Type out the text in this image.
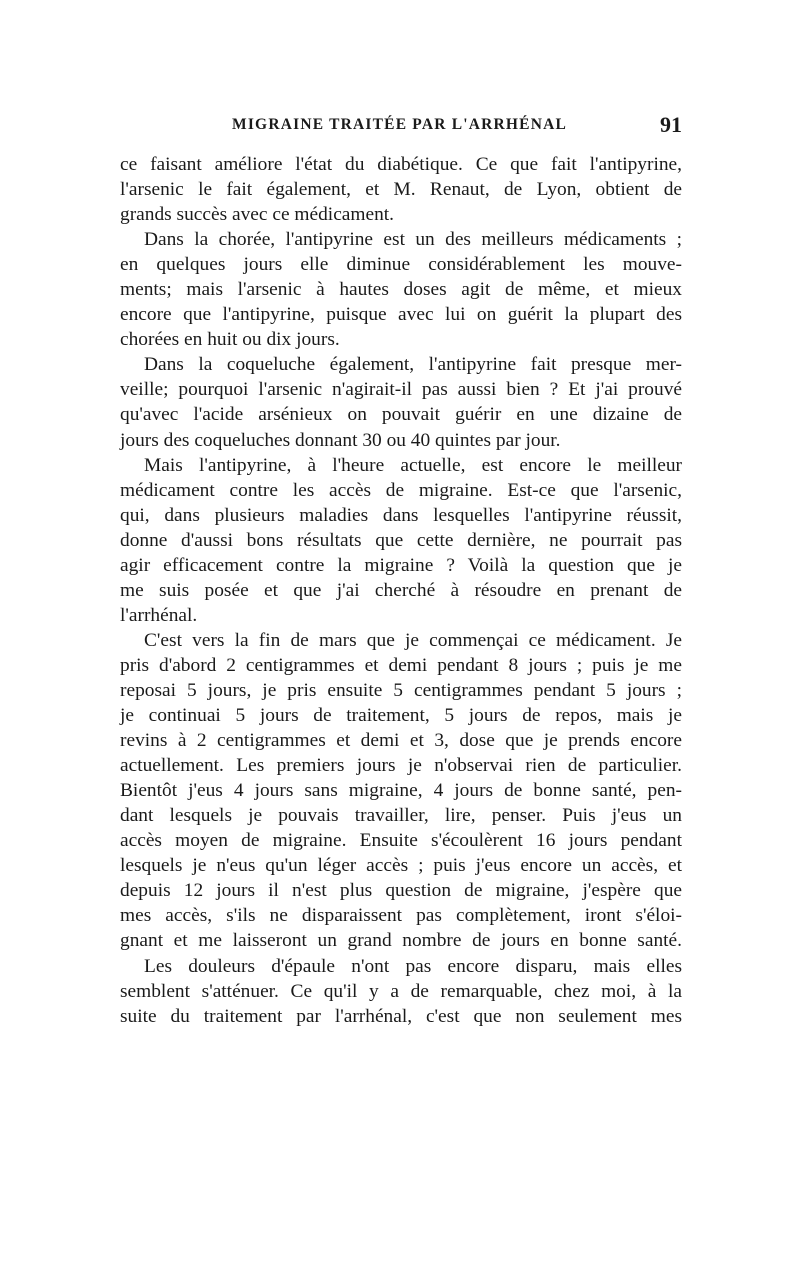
MIGRAINE TRAITÉE PAR L'ARRHÉNAL	91
ce faisant améliore l'état du diabétique. Ce que fait l'antipyrine,
l'arsenic le fait également, et M. Renaut, de Lyon, obtient de
grands succès avec ce médicament.
Dans la chorée, l'antipyrine est un des meilleurs médicaments ;
en quelques jours elle diminue considérablement les mouve-
ments; mais l'arsenic à hautes doses agit de même, et mieux
encore que l'antipyrine, puisque avec lui on guérit la plupart des
chorées en huit ou dix jours.
Dans la coqueluche également, l'antipyrine fait presque mer-
veille; pourquoi l'arsenic n'agirait-il pas aussi bien ? Et j'ai prouvé
qu'avec l'acide arsénieux on pouvait guérir en une dizaine de
jours des coqueluches donnant 30 ou 40 quintes par jour.
Mais l'antipyrine, à l'heure actuelle, est encore le meilleur
médicament contre les accès de migraine. Est-ce que l'arsenic,
qui, dans plusieurs maladies dans lesquelles l'antipyrine réussit,
donne d'aussi bons résultats que cette dernière, ne pourrait pas
agir efficacement contre la migraine ? Voilà la question que je
me suis posée et que j'ai cherché à résoudre en prenant de
l'arrhénal.
C'est vers la fin de mars que je commençai ce médicament. Je
pris d'abord 2 centigrammes et demi pendant 8 jours ; puis je me
reposai 5 jours, je pris ensuite 5 centigrammes pendant 5 jours ;
je continuai 5 jours de traitement, 5 jours de repos, mais je
revins à 2 centigrammes et demi et 3, dose que je prends encore
actuellement. Les premiers jours je n'observai rien de particulier.
Bientôt j'eus 4 jours sans migraine, 4 jours de bonne santé, pen-
dant lesquels je pouvais travailler, lire, penser. Puis j'eus un
accès moyen de migraine. Ensuite s'écoulèrent 16 jours pendant
lesquels je n'eus qu'un léger accès ; puis j'eus encore un accès, et
depuis 12 jours il n'est plus question de migraine, j'espère que
mes accès, s'ils ne disparaissent pas complètement, iront s'éloi-
gnant et me laisseront un grand nombre de jours en bonne santé.
Les douleurs d'épaule n'ont pas encore disparu, mais elles
semblent s'atténuer. Ce qu'il y a de remarquable, chez moi, à la
suite du traitement par l'arrhénal, c'est que non seulement mes
